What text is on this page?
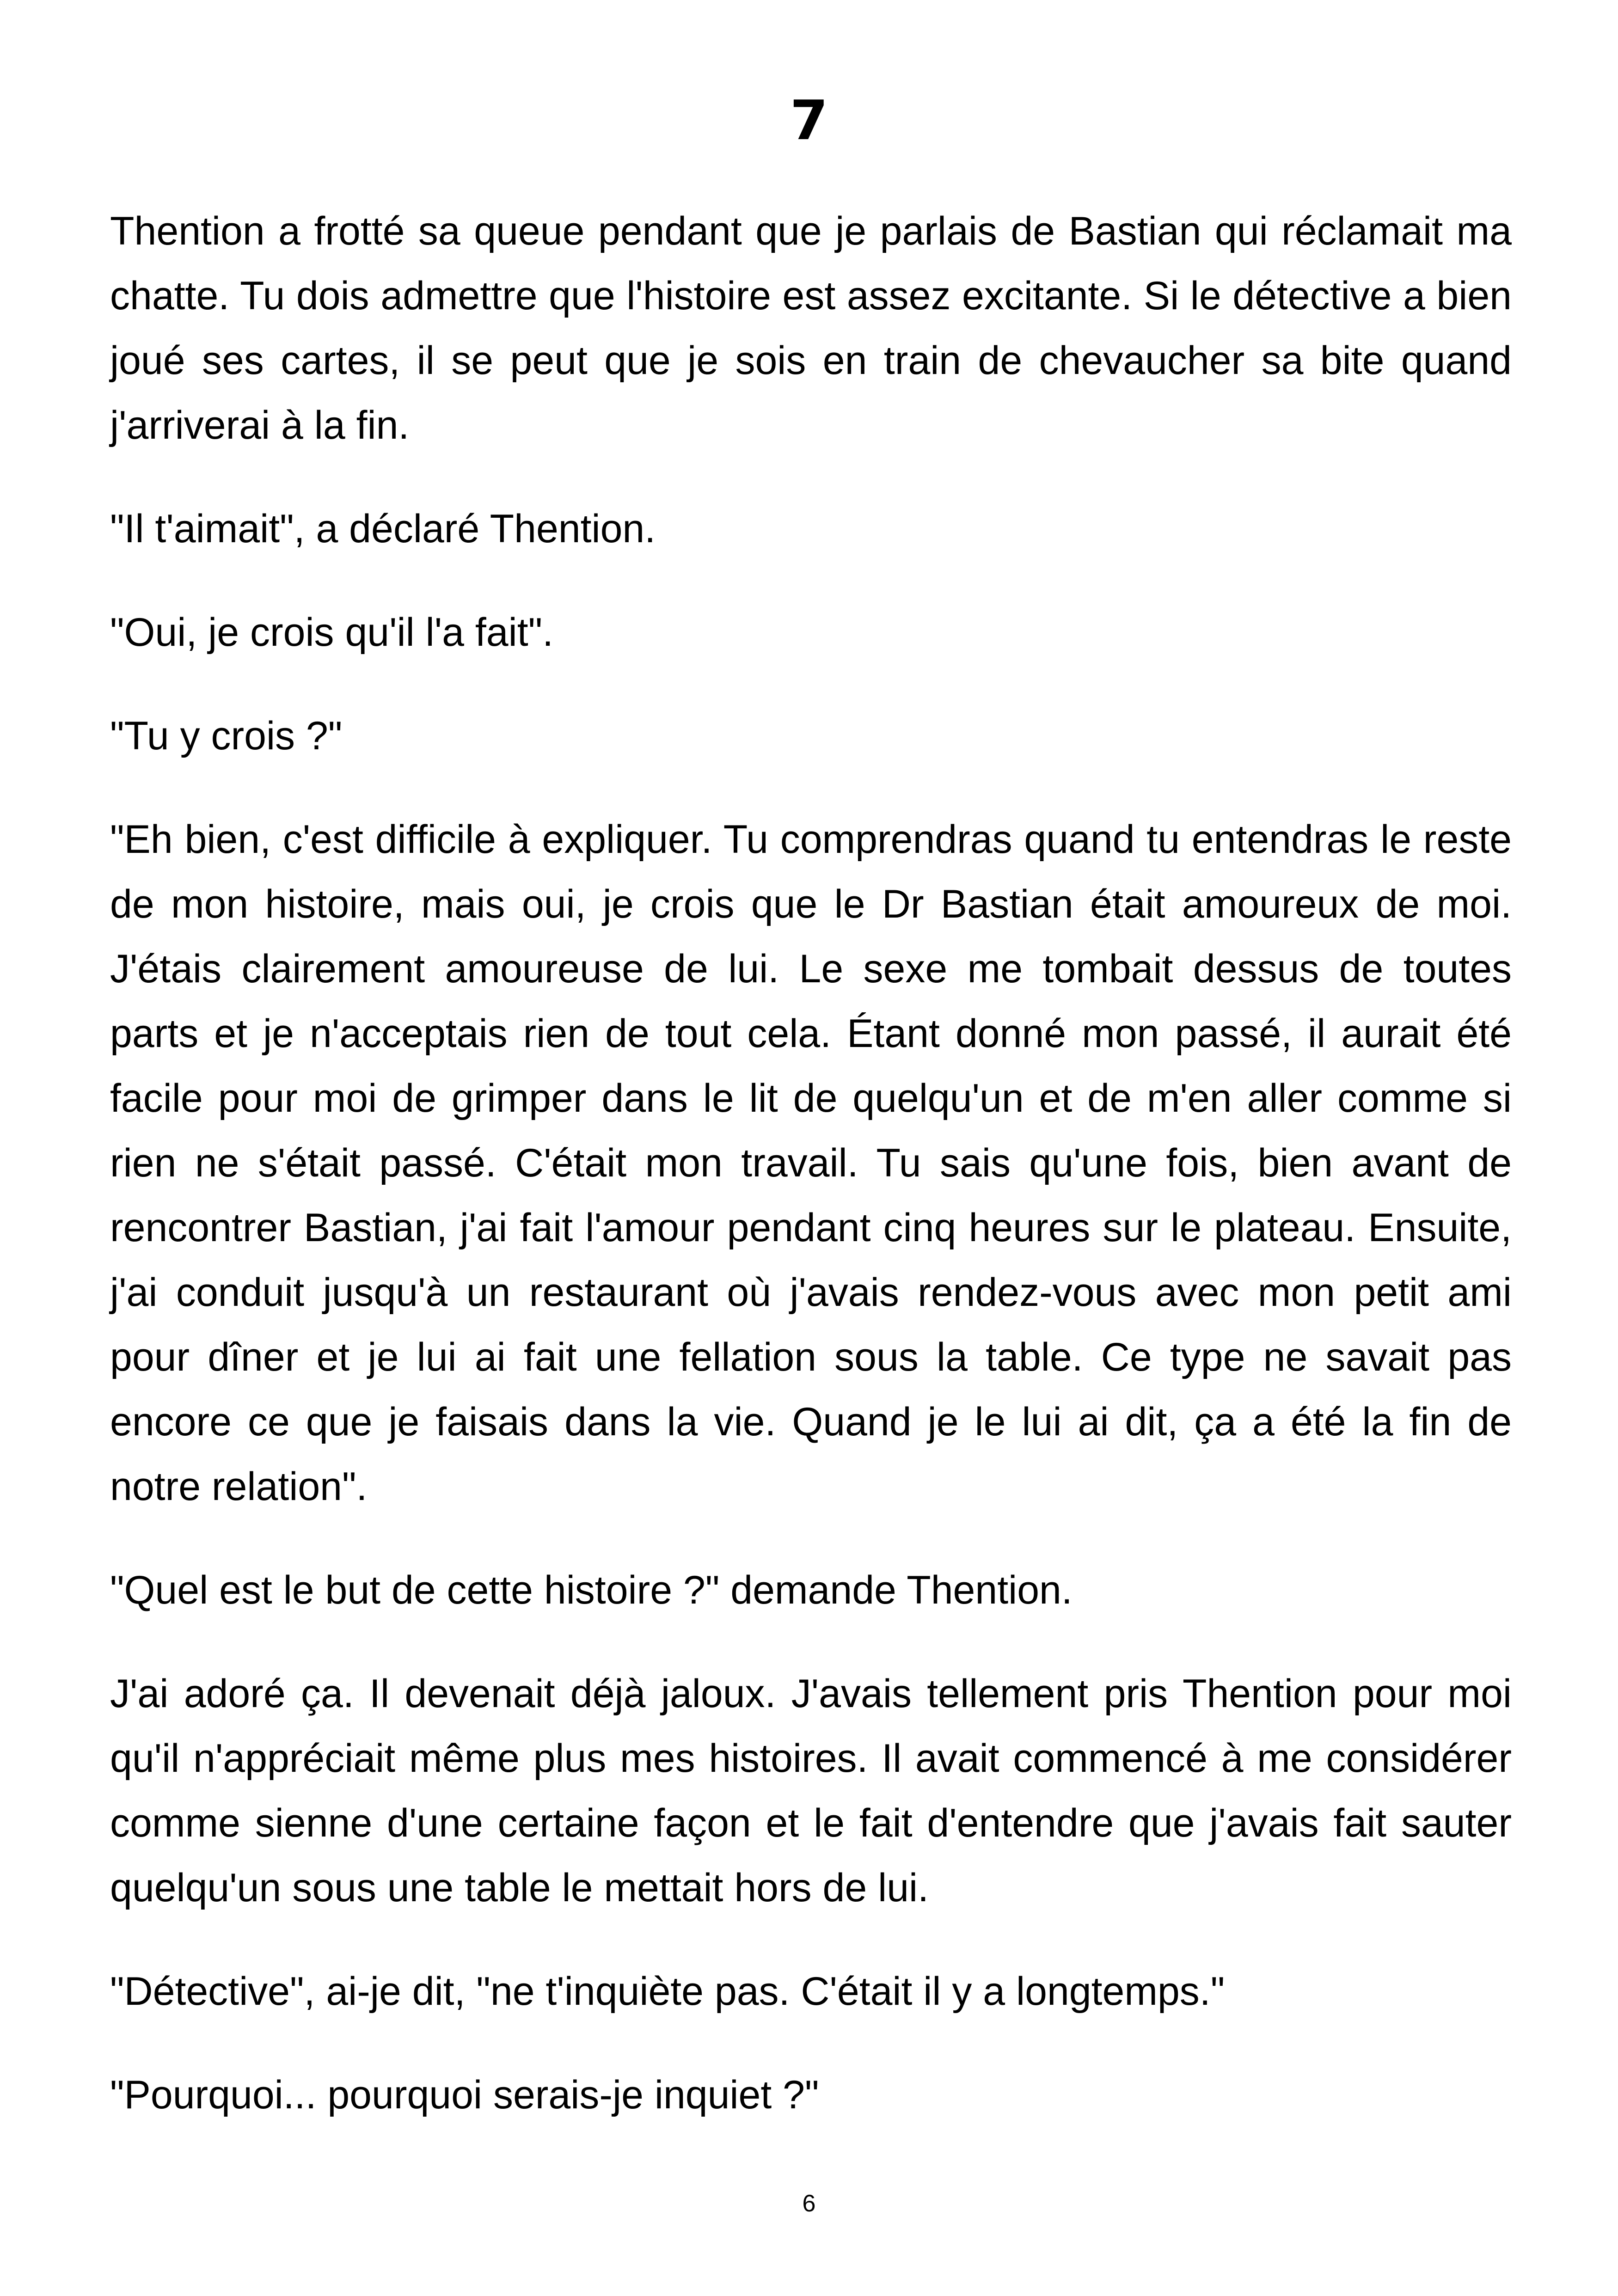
7

Thention a frotté sa queue pendant que je parlais de Bastian qui réclamait ma chatte. Tu dois admettre que l'histoire est assez excitante. Si le détective a bien joué ses cartes, il se peut que je sois en train de chevaucher sa bite quand j'arriverai à la fin.

"Il t'aimait", a déclaré Thention.

"Oui, je crois qu'il l'a fait".

"Tu y crois ?"

"Eh bien, c'est difficile à expliquer. Tu comprendras quand tu entendras le reste de mon histoire, mais oui, je crois que le Dr Bastian était amoureux de moi. J'étais clairement amoureuse de lui. Le sexe me tombait dessus de toutes parts et je n'acceptais rien de tout cela. Étant donné mon passé, il aurait été facile pour moi de grimper dans le lit de quelqu'un et de m'en aller comme si rien ne s'était passé. C'était mon travail. Tu sais qu'une fois, bien avant de rencontrer Bastian, j'ai fait l'amour pendant cinq heures sur le plateau. Ensuite, j'ai conduit jusqu'à un restaurant où j'avais rendez-vous avec mon petit ami pour dîner et je lui ai fait une fellation sous la table. Ce type ne savait pas encore ce que je faisais dans la vie. Quand je le lui ai dit, ça a été la fin de notre relation".

"Quel est le but de cette histoire ?" demande Thention.

J'ai adoré ça. Il devenait déjà jaloux. J'avais tellement pris Thention pour moi qu'il n'appréciait même plus mes histoires. Il avait commencé à me considérer comme sienne d'une certaine façon et le fait d'entendre que j'avais fait sauter quelqu'un sous une table le mettait hors de lui.

"Détective", ai-je dit, "ne t'inquiète pas. C'était il y a longtemps."

"Pourquoi... pourquoi serais-je inquiet ?"

6
